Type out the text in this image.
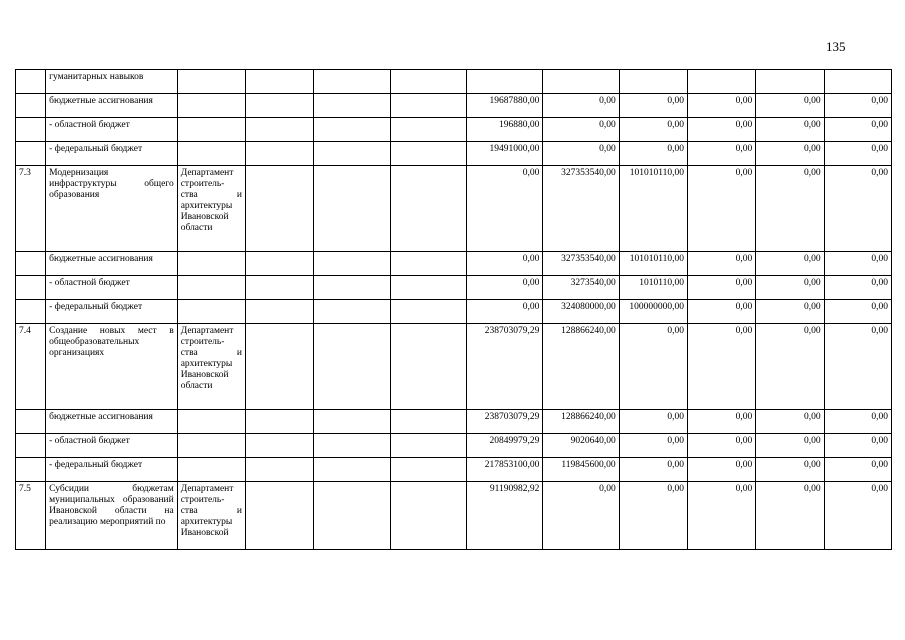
135
	гуманитарных навыков										
	бюджетные ассигнования					19687880,00	0,00	0,00	0,00	0,00	0,00
	- областной бюджет					196880,00	0,00	0,00	0,00	0,00	0,00
	- федеральный бюджет					19491000,00	0,00	0,00	0,00	0,00	0,00
7.3	Модернизация инфраструктуры общего образования	Департамент строитель- ства и архитектуры Ивановской области				0,00	327353540,00	101010110,00	0,00	0,00	0,00
	бюджетные ассигнования					0,00	327353540,00	101010110,00	0,00	0,00	0,00
	- областной бюджет					0,00	3273540,00	1010110,00	0,00	0,00	0,00
	- федеральный бюджет					0,00	324080000,00	100000000,00	0,00	0,00	0,00
7.4	Создание новых мест в общеобразовательных организациях	Департамент строитель- ства и архитектуры Ивановской области				238703079,29	128866240,00	0,00	0,00	0,00	0,00
	бюджетные ассигнования					238703079,29	128866240,00	0,00	0,00	0,00	0,00
	- областной бюджет					20849979,29	9020640,00	0,00	0,00	0,00	0,00
	- федеральный бюджет					217853100,00	119845600,00	0,00	0,00	0,00	0,00
7.5	Субсидии бюджетам муниципальных образований Ивановской области на реализацию мероприятий по	Департамент строитель- ства и архитектуры Ивановской				91190982,92	0,00	0,00	0,00	0,00	0,00
